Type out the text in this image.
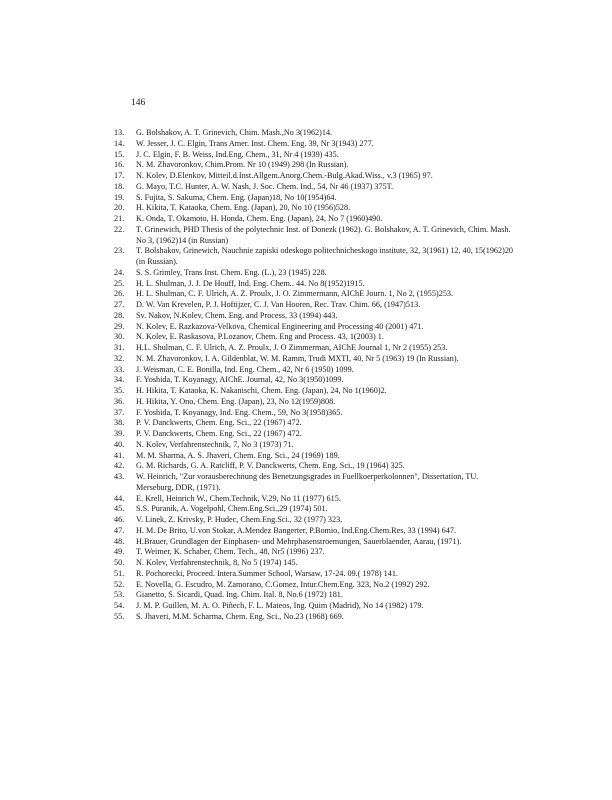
146
13.	G. Bolshakov, A. T. Grinevich, Chim. Mash.,No 3(1962)14.
14.	W. Jesser, J. C. Elgin, Trans Amer. Inst. Chem. Eng. 39, Nr 3(1943) 277.
15.	J. C. Elgin, F. B. Weiss, Ind.Eng. Chem., 31, Nr 4 (1939) 435.
16.	N. M. Zhavoronkov, Chim.Prom. Nr 10 (1949) 298 (In Russian).
17.	N. Kolev, D.Elenkov, Mitteil.d.Inst.Allgem.Anorg.Chem.-Bulg.Akad.Wiss., v.3 (1965) 97.
18.	G. Mayo, T.C. Hunter, A. W. Nash, J. Soc. Chem. Ind., 54, Nr 46 (1937) 375T.
19.	S. Fujita, S. Sakuma, Chem. Eng. (Japan)18, No 10(1954)64.
20.	H. Kikita, T. Kataoka, Chem. Eng. (Japan), 20, No 10 (1956)528.
21.	K. Onda, T. Okamoto, H. Honda, Chem. Eng. (Japan), 24, No 7 (1960)490.
22.	T. Grinewich, PHD Thesis of the polytechnic Inst. of Donezk (1962). G. Bolshakov, A. T. Grinevich, Chim. Mash. No 3, (1962)14 (in Russian)
23.	T. Bolshakov, Grinewich, Nauchnie zapiski odeskogo politechnicheskogo institute, 32, 3(1961) 12. 40, 15(1962)20 (in Russian).
24.	S. S. Grimley, Trans Inst. Chem. Eng. (L.), 23 (1945) 228.
25.	H. L. Shulman, J. J. De Houff, Ind. Eng. Chem.. 44. No 8(1952)1915.
26.	H. L. Shulman, C. F. Ulrich, A. Z. Proulx, J. O. Zimmermann, AIChE Journ. 1, No 2, (1955)253.
27.	D. W. Van Krevelen, P. J. Hoftijzer, C. J. Van Hooren, Rec. Trav. Chim. 66, (1947)513.
28.	Sv. Nakov, N.Kolev, Chem. Eng. and Process, 33 (1994) 443.
29.	N. Kolev, E. Razkazova-Velkova, Chemical Engineering and Processing 40 (2001) 471.
30.	N. Kolev, E. Raskasova, P.Lozanov, Chem. Eng and Process. 43, 1(2003) 1.
31.	H.L. Shulman, C. F. Ulrich, A. Z. Proulx, J. O Zimmerman, AIChE Journal 1, Nr 2 (1955) 253.
32.	N. M. Zhavoronkov, I. A. Gildenblat, W. M. Ramm, Trudi MXTI, 40, Nr 5 (1963) 19 (In Russian).
33.	J. Weisman, C. E. Bonilla, Ind. Eng. Chem., 42, Nr 6 (1950) 1099.
34.	F. Yoshida, T. Koyanagy, AIChE. Journal, 42, No 3(1950)1099.
35.	H. Hikita, T. Kataoka, K. Nakanischi, Chem. Eng. (Japan), 24, No 1(1960)2.
36.	H. Hikita, Y. Ono, Chem. Eng. (Japan), 23, No 12(1959)808.
37.	F. Yoshida, T. Koyanagy, Ind. Eng. Chem., 59, No 3(1958)365.
38.	P. V. Danckwerts, Chem. Eng. Sci., 22 (1967) 472.
39.	P. V. Danckwerts, Chem. Eng. Sci., 22 (1967) 472.
40.	N. Kolev, Verfahrenstechnik, 7, No 3 (1973) 71.
41.	M. M. Sharma, A. S. Jhaveri, Chem. Eng. Sci., 24 (1969) 189.
42.	G. M. Richards, G. A. Ratcliff, P. V. Danckwerts, Chem. Eng. Sci., 19 (1964) 325.
43.	W. Heinrich, "Zur vorausberechnung des Benetzungsgrades in Fuellkoerperkolonnen", Dissertation, TU. Merseburg, DDR, (1971).
44.	E. Krell, Heinrich W., Chem.Technik, V.29, No 11 (1977) 615.
45.	S.S. Puranik, A. Vogelpohl, Chem.Eng.Sci.,29 (1974) 501.
46.	V. Linek, Z. Krivsky, P. Hudec, Chem.Eng.Sci., 32 (1977) 323.
47.	H. M. De Brito, U.von Stokar, A.Mendez Bangerter, P.Bomio, Ind.Eng.Chem.Res, 33 (1994) 647.
48.	H.Brauer, Grundlagen der Einphasen- und Mehrphasenstroemungen, Sauerblaender, Aarau, (1971).
49.	T. Weimer, K. Schaber, Chem. Tech., 48, Nr5 (1996) 237.
50.	N. Kolev, Verfahrenstechnik, 8, No 5 (1974) 145.
51.	R. Pochorecki, Proceed. Intera.Summer School, Warsaw, 17-24. 09.( 1978) 141.
52.	E. Novella, G. Escudro, M. Zamorano, C.Gomez, Intur.Chem.Eng. 323, No.2 (1992) 292.
53.	Gianetto, S. Sicardi, Quad. Ing. Chim. Ital. 8, No.6 (1972) 181.
54.	J. M. P. Guillen, M. A. O. Piñech, F. L. Mateos, Ing. Quim (Madrid), No 14 (1982) 179.
55.	S. Jhaveri, M.M. Scharma, Chem. Eng. Sci., No.23 (1968) 669.
